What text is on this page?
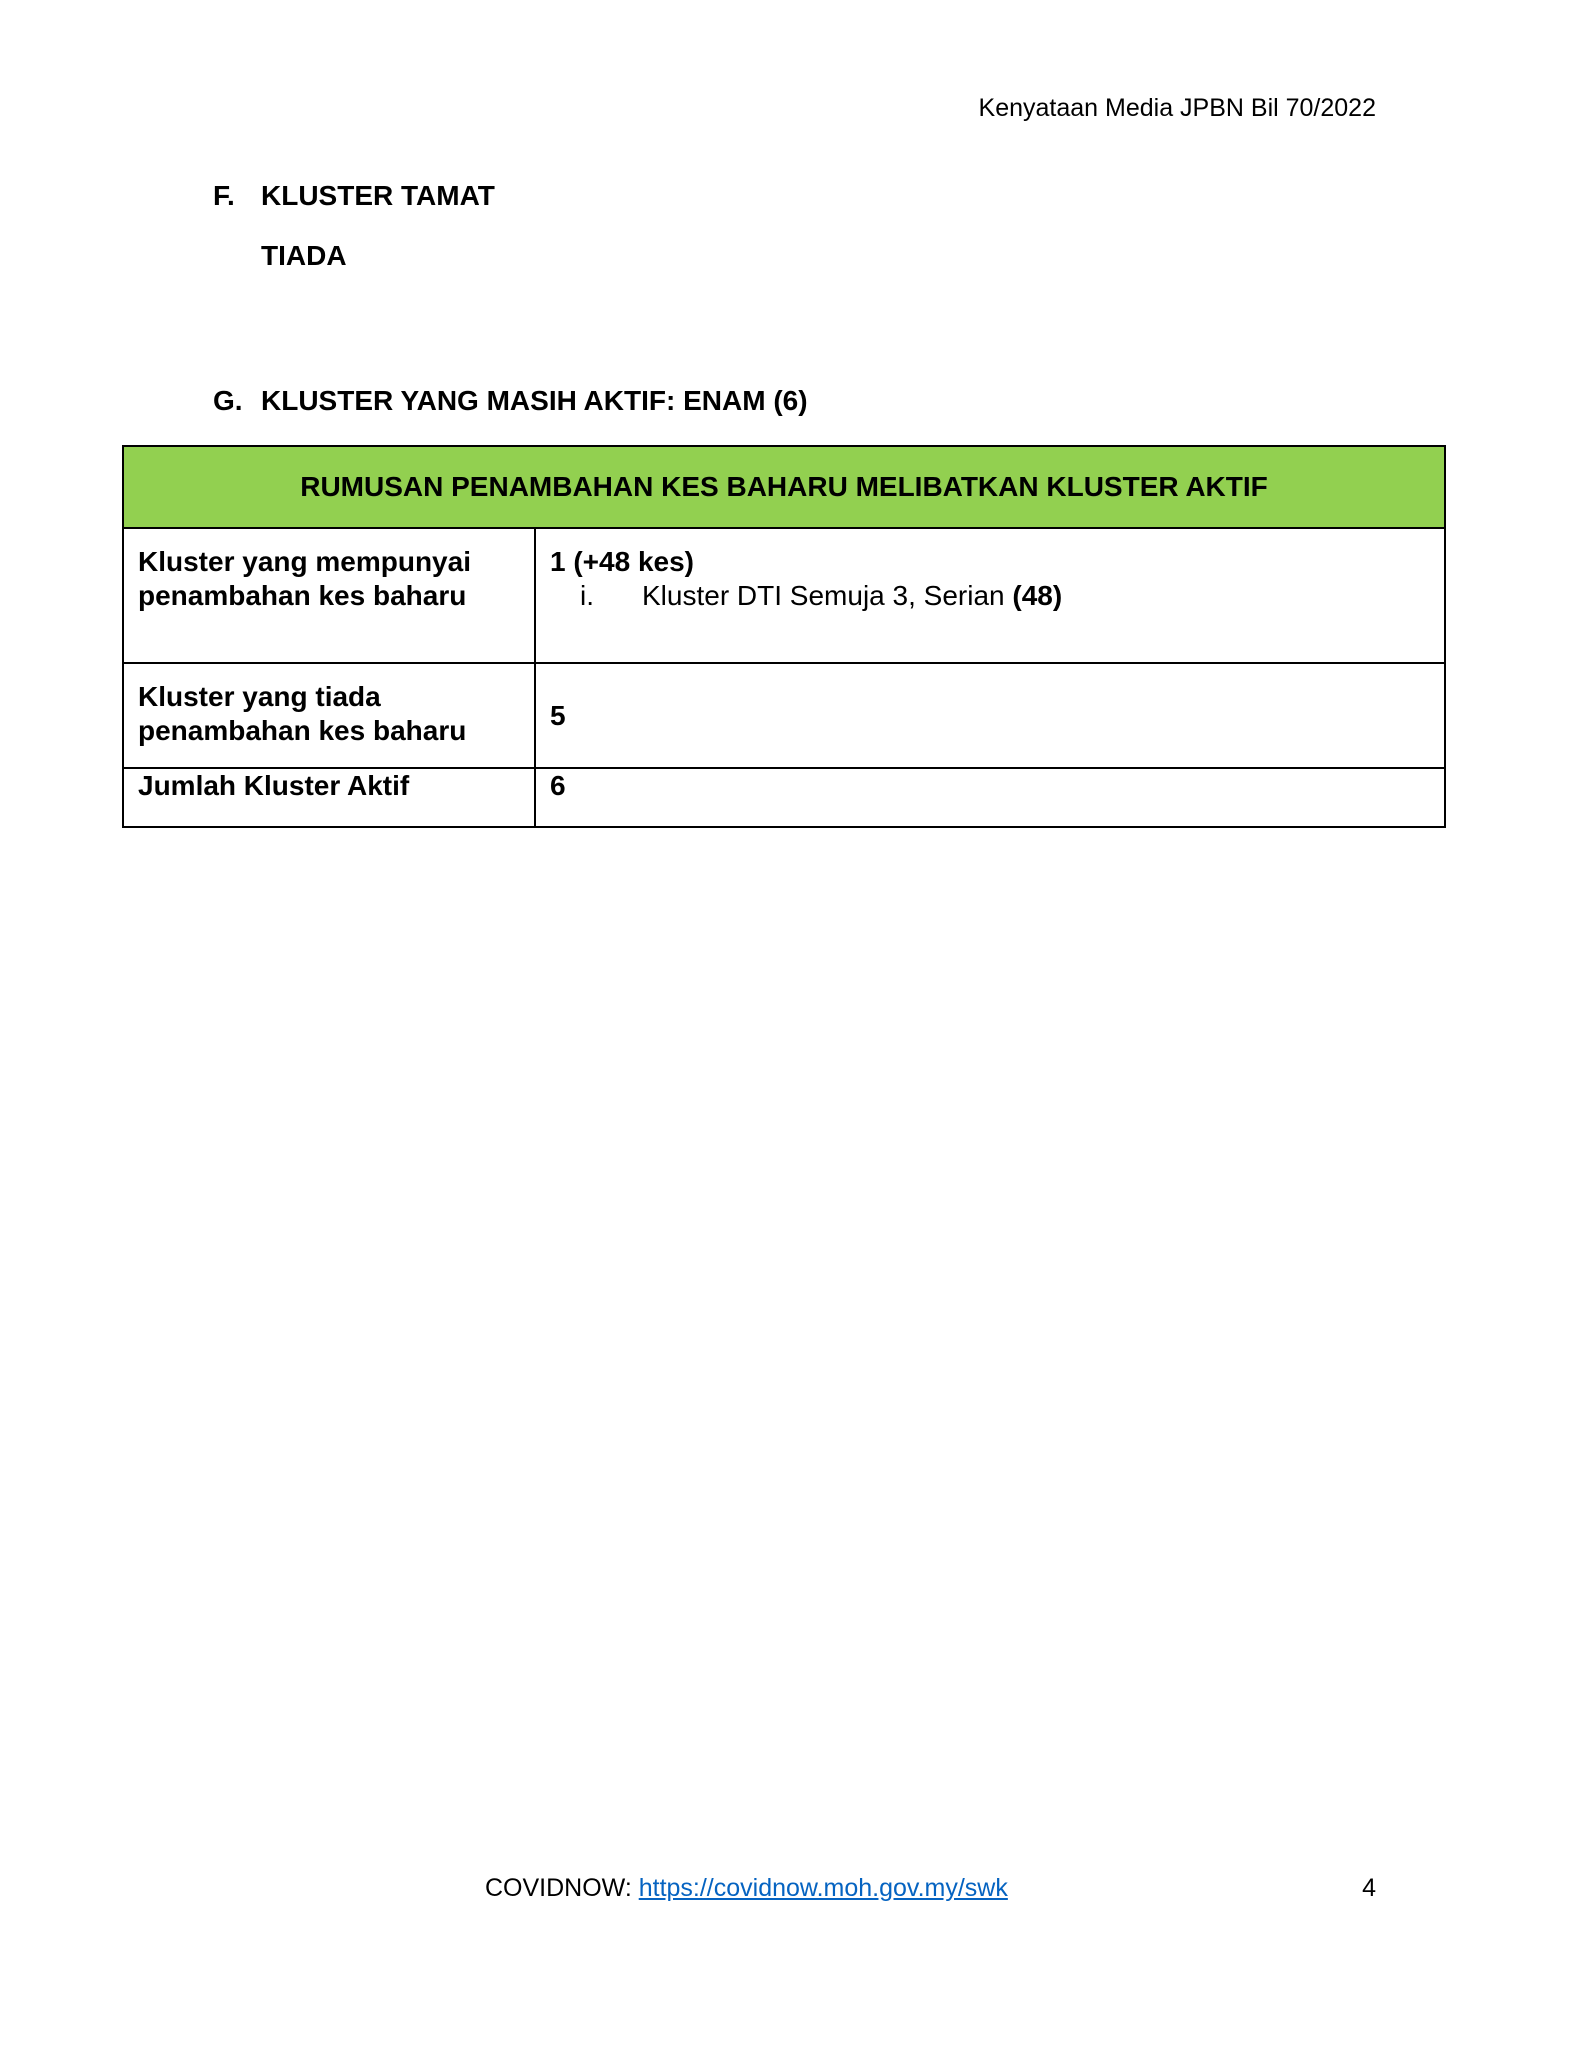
Kenyataan Media JPBN Bil 70/2022
F. KLUSTER TAMAT
TIADA
G. KLUSTER YANG MASIH AKTIF: ENAM (6)
RUMUSAN PENAMBAHAN KES BAHARU MELIBATKAN KLUSTER AKTIF	
Kluster yang mempunyai penambahan kes baharu	1 (+48 kes)
i. Kluster DTI Semuja 3, Serian (48)

Kluster yang tiada penambahan kes baharu	5
Jumlah Kluster Aktif	6
COVIDNOW: https://covidnow.moh.gov.my/swk	4
